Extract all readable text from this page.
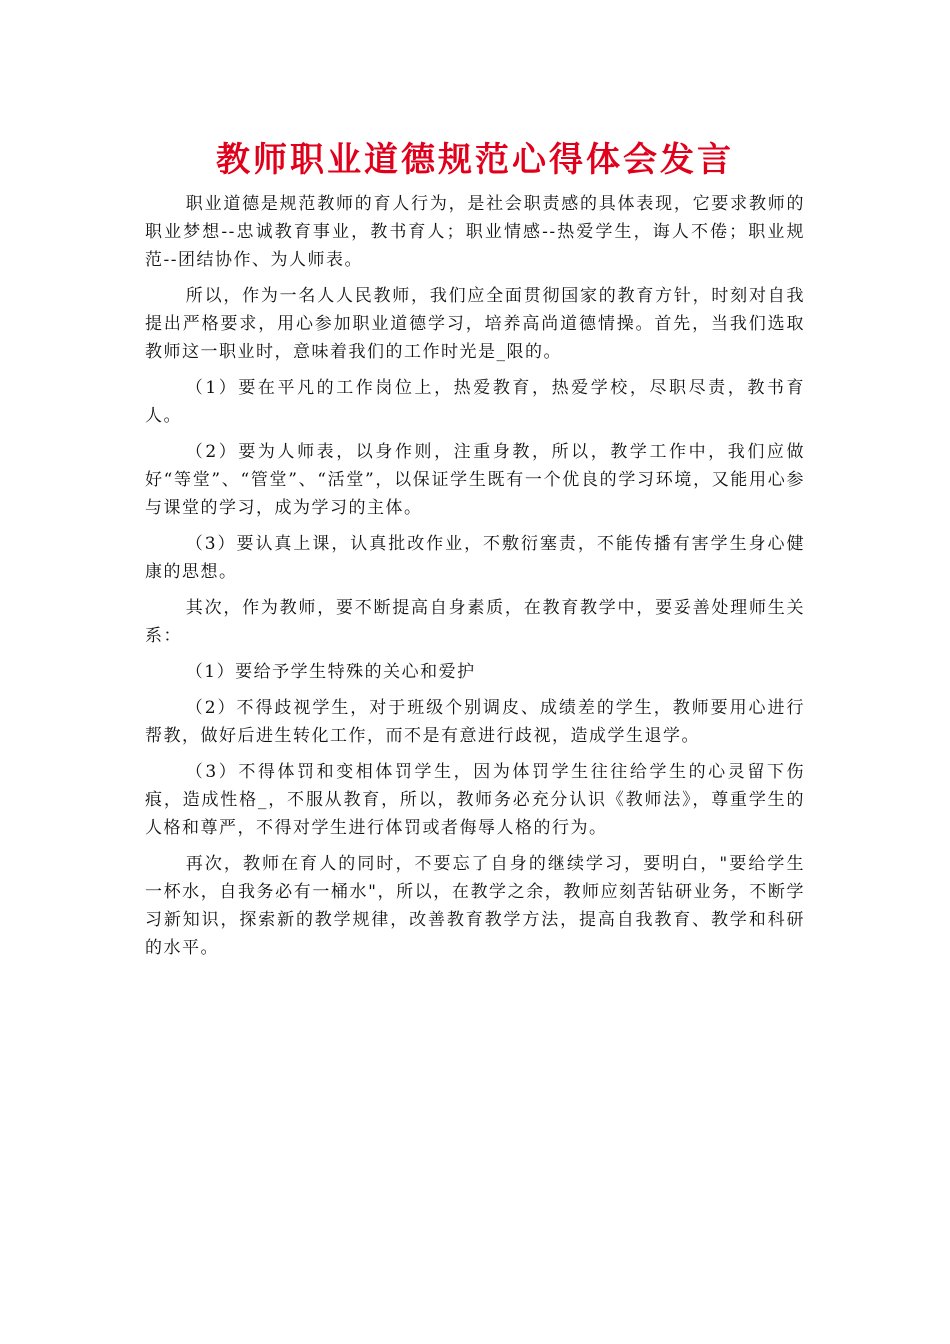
教师职业道德规范心得体会发言

职业道德是规范教师的育人行为，是社会职责感的具体表现，它要求教师的职业梦想--忠诚教育事业，教书育人；职业情感--热爱学生，诲人不倦；职业规范--团结协作、为人师表。

所以，作为一名人人民教师，我们应全面贯彻国家的教育方针，时刻对自我提出严格要求，用心参加职业道德学习，培养高尚道德情操。首先，当我们选取教师这一职业时，意味着我们的工作时光是_限的。

（1）要在平凡的工作岗位上，热爱教育，热爱学校，尽职尽责，教书育人。

（2）要为人师表，以身作则，注重身教，所以，教学工作中，我们应做好“等堂”、“管堂”、“活堂”，以保证学生既有一个优良的学习环境，又能用心参与课堂的学习，成为学习的主体。

（3）要认真上课，认真批改作业，不敷衍塞责，不能传播有害学生身心健康的思想。

其次，作为教师，要不断提高自身素质，在教育教学中，要妥善处理师生关系：

（1）要给予学生特殊的关心和爱护

（2）不得歧视学生，对于班级个别调皮、成绩差的学生，教师要用心进行帮教，做好后进生转化工作，而不是有意进行歧视，造成学生退学。

（3）不得体罚和变相体罚学生，因为体罚学生往往给学生的心灵留下伤痕，造成性格_，不服从教育，所以，教师务必充分认识《教师法》，尊重学生的人格和尊严，不得对学生进行体罚或者侮辱人格的行为。

再次，教师在育人的同时，不要忘了自身的继续学习，要明白，"要给学生一杯水，自我务必有一桶水"，所以，在教学之余，教师应刻苦钻研业务，不断学习新知识，探索新的教学规律，改善教育教学方法，提高自我教育、教学和科研的水平。
